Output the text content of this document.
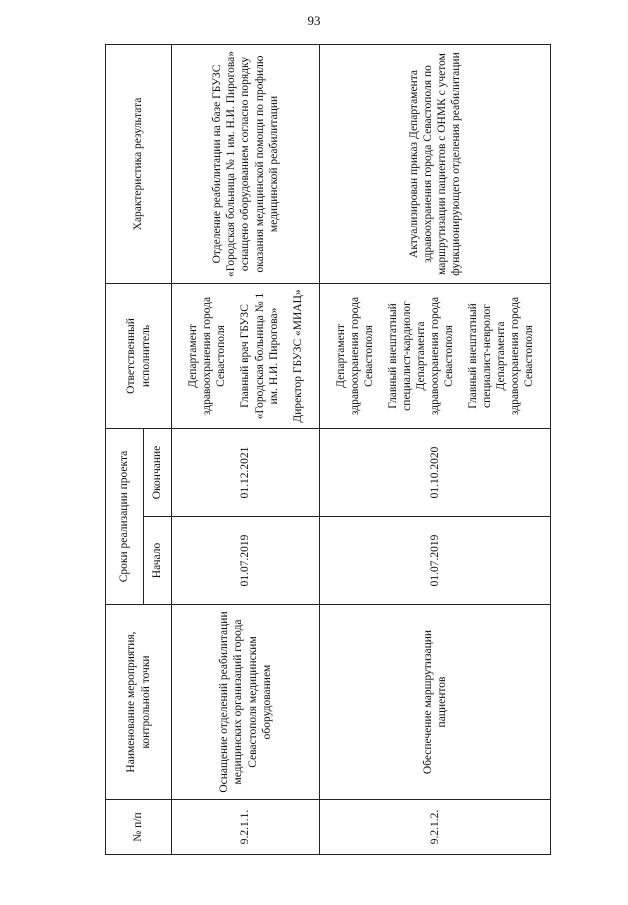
93
№ п/п	Наименование мероприятия, контрольной точки	Сроки реализации проекта		Ответственный исполнитель	Характеристика результата
		Начало	Окончание		
9.2.1.1.	Оснащение отделений реабилитации медицинских организаций города Севастополя медицинским оборудованием	01.07.2019	01.12.2021	Департамент здравоохранения города Севастополя Главный врач ГБУЗС «Городская больница № 1 им. Н.И. Пирогова» Директор ГБУЗС «МИАЦ»	Отделение реабилитации на базе ГБУЗС «Городская больница № 1 им. Н.И. Пирогова» оснащено оборудованием согласно порядку оказания медицинской помощи по профилю медицинской реабилитации
9.2.1.2.	Обеспечение маршрутизации пациентов	01.07.2019	01.10.2020	Департамент здравоохранения города Севастополя Главный внештатный специалист-кардиолог Департамента здравоохранения города Севастополя Главный внештатный специалист-невролог Департамента здравоохранения города Севастополя	Актуализирован приказ Департамента здравоохранения города Севастополя по маршрутизации пациентов с ОНМК с учетом функционирующего отделения реабилитации
